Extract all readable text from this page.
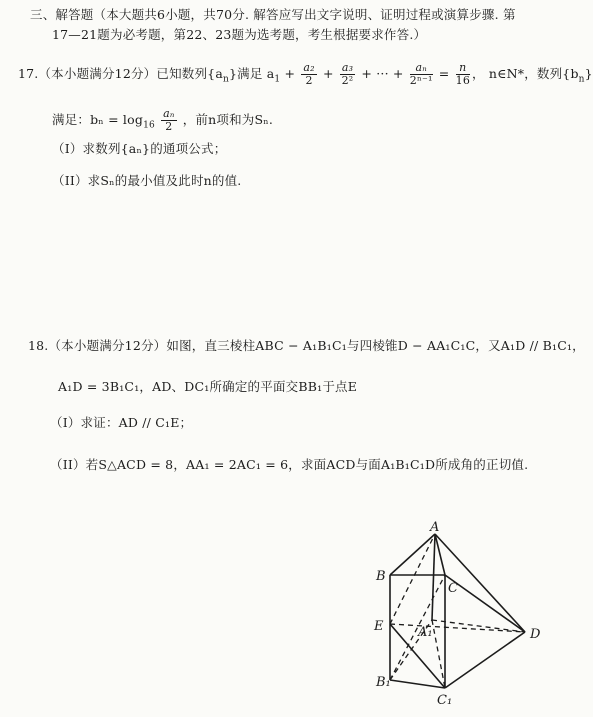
三、解答题（本大题共6小题，共70分. 解答应写出文字说明、证明过程或演算步骤. 第
17—21题为必考题，第22、23题为选考题，考生根据要求作答.）
17.（本小题满分12分）已知数列$\{a_n\}$满足 $a_1 + \frac{\text{a₂}}{2} + \frac{\text{a₃}}{\text{2²}}$ + ··· + $\frac{\text{aₙ}}{\text{2ⁿ⁻¹}} = \frac{n}{16}$ ， n∈N*，数列$\{b_n\}$
满足：$b_n = \log_{16} \frac{\text{aₙ}}{2}$ ，前n项和为Sₙ.
（I）求数列{aₙ}的通项公式；
（II）求Sₙ的最小值及此时n的值.
18.（本小题满分12分）如图，直三棱柱ABC − A₁B₁C₁与四棱锥D − AA₁C₁C，又A₁D // B₁C₁，
A₁D = 3B₁C₁，AD、DC₁所确定的平面交BB₁于点E
（I）求证：AD // C₁E；
（II）若S△ACD = 8，AA₁ = 2AC₁ = 6，求面ACD与面A₁B₁C₁D所成角的正切值.
A
B
C
E	A₁	D
B₁
C₁
